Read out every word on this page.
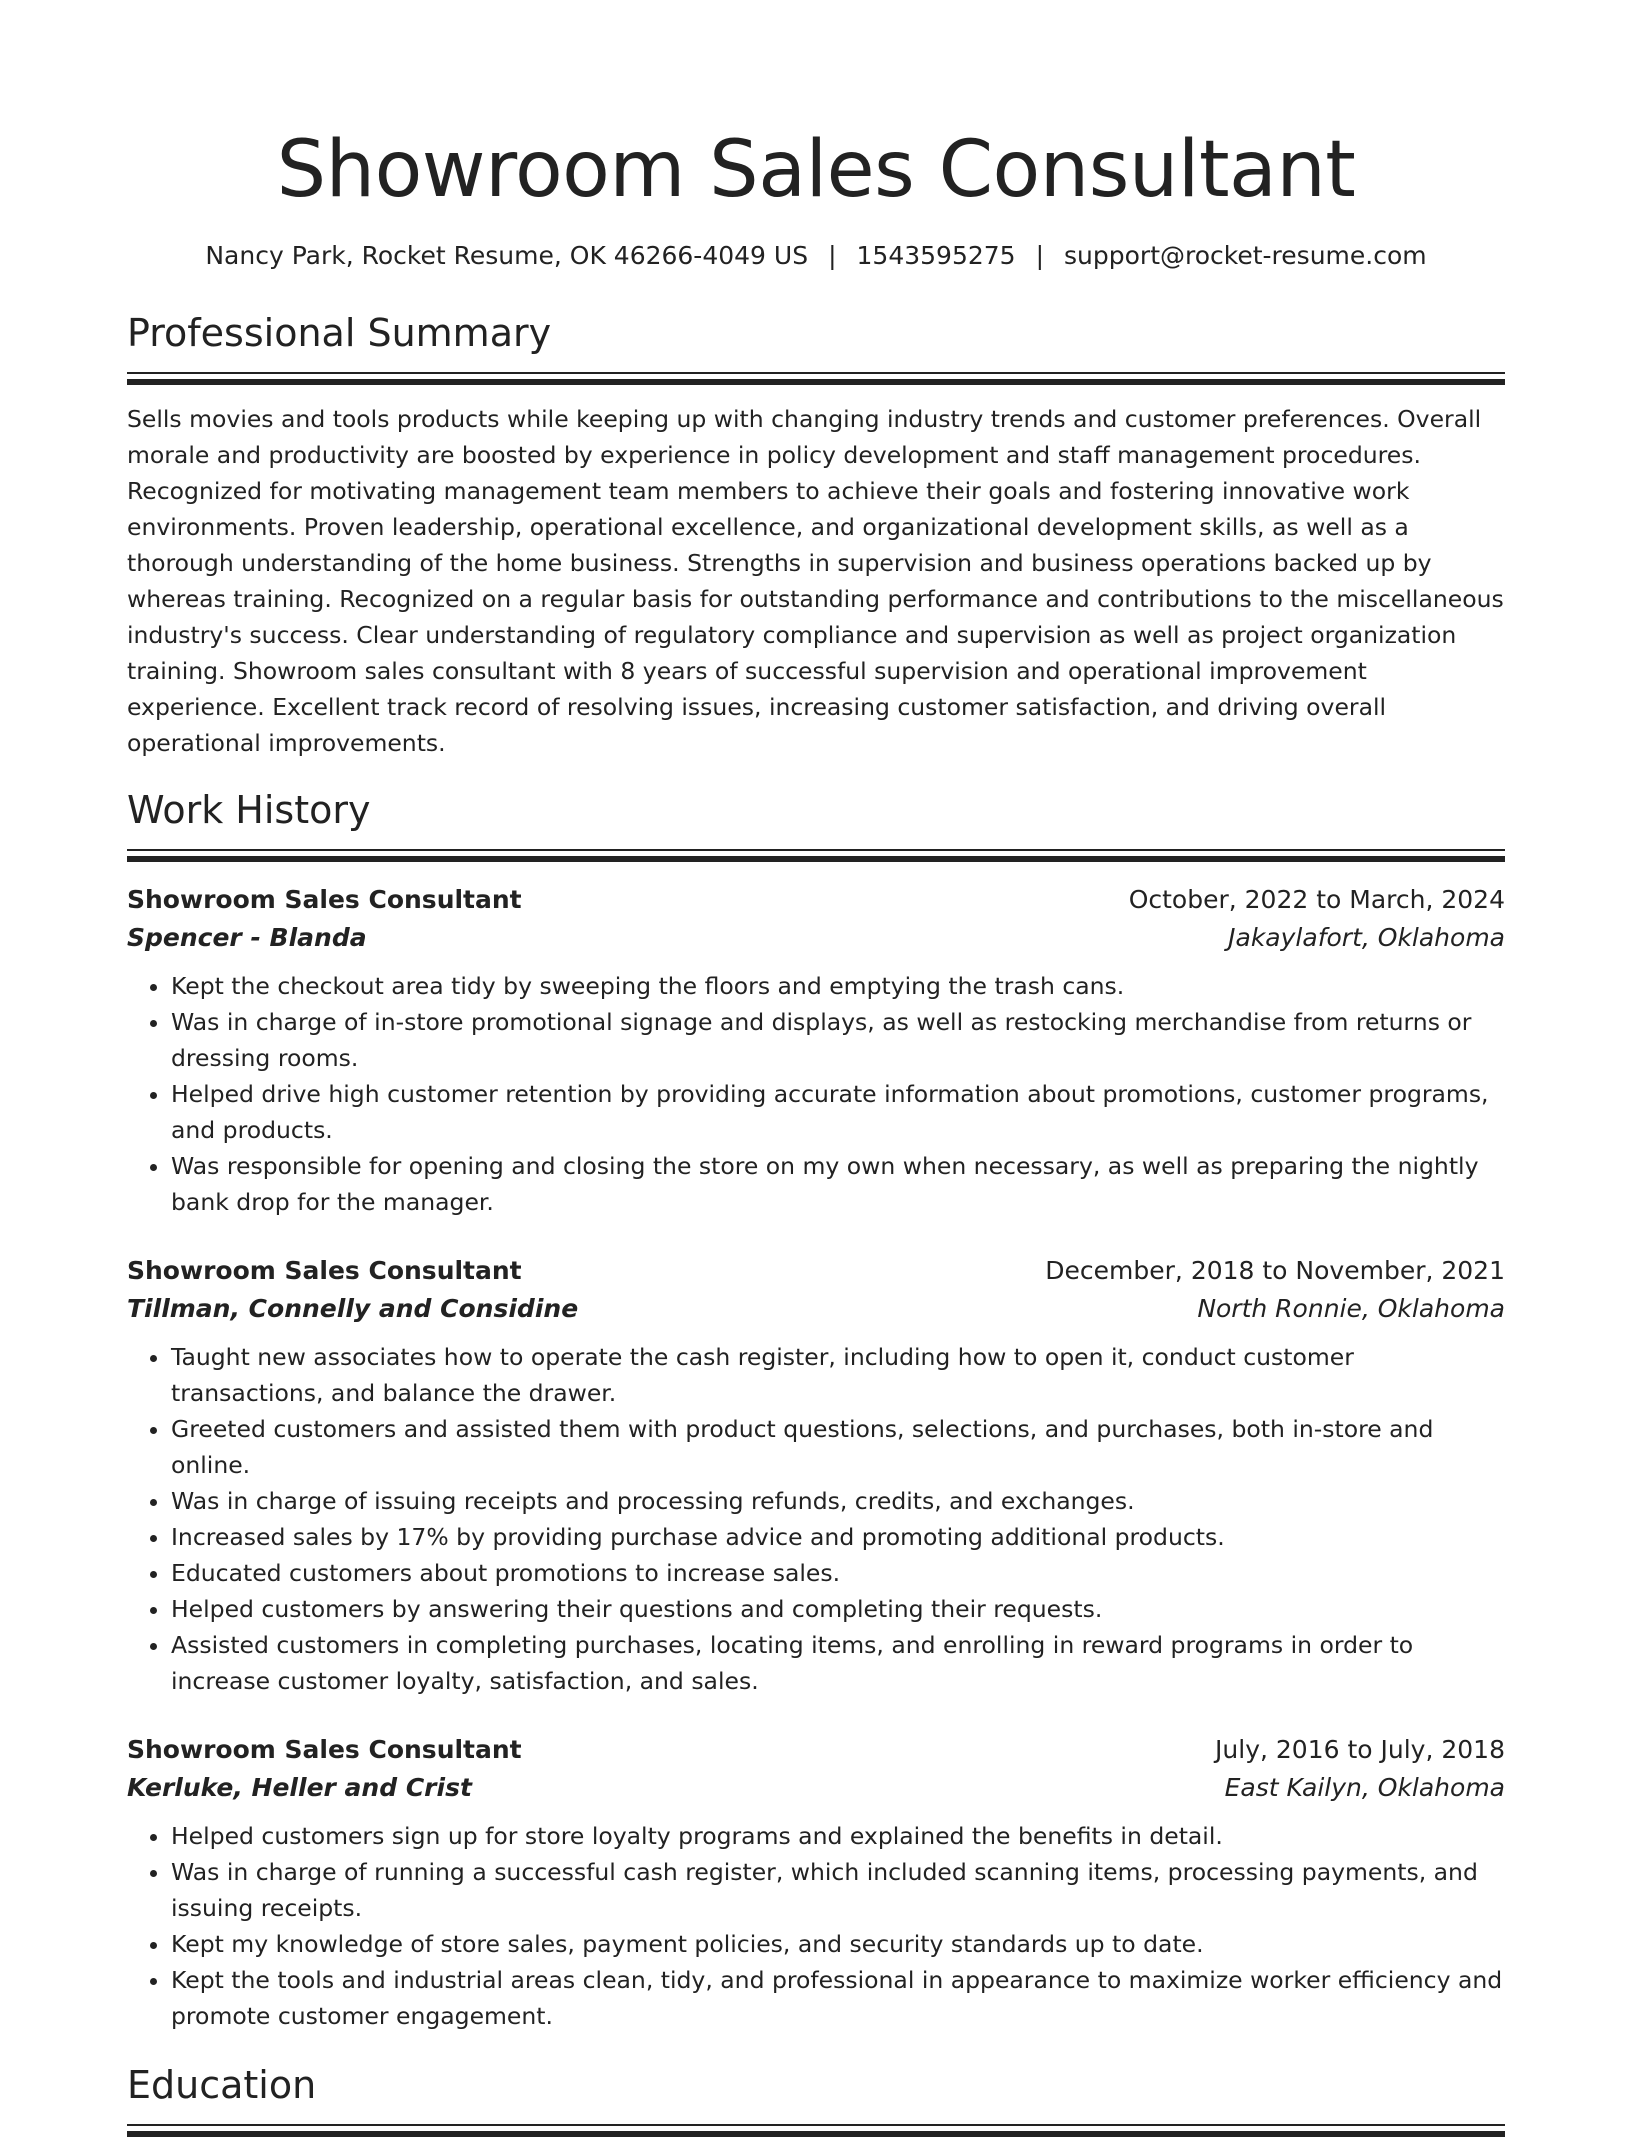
Showroom Sales Consultant
Nancy Park, Rocket Resume, OK 46266-4049 US | 1543595275 | support@rocket-resume.com
Professional Summary

Sells movies and tools products while keeping up with changing industry trends and customer preferences. Overall morale and productivity are boosted by experience in policy development and staff management procedures. Recognized for motivating management team members to achieve their goals and fostering innovative work environments. Proven leadership, operational excellence, and organizational development skills, as well as a thorough understanding of the home business. Strengths in supervision and business operations backed up by whereas training. Recognized on a regular basis for outstanding performance and contributions to the miscellaneous industry's success. Clear understanding of regulatory compliance and supervision as well as project organization training. Showroom sales consultant with 8 years of successful supervision and operational improvement experience. Excellent track record of resolving issues, increasing customer satisfaction, and driving overall operational improvements.

Work History
Showroom Sales Consultant	October, 2022 to March, 2024
Spencer - Blanda	Jakaylafort, Oklahoma
• Kept the checkout area tidy by sweeping the floors and emptying the trash cans.
• Was in charge of in-store promotional signage and displays, as well as restocking merchandise from returns or dressing rooms.
• Helped drive high customer retention by providing accurate information about promotions, customer programs, and products.
• Was responsible for opening and closing the store on my own when necessary, as well as preparing the nightly bank drop for the manager.
Showroom Sales Consultant	December, 2018 to November, 2021
Tillman, Connelly and Considine	North Ronnie, Oklahoma
• Taught new associates how to operate the cash register, including how to open it, conduct customer transactions, and balance the drawer.
• Greeted customers and assisted them with product questions, selections, and purchases, both in-store and online.
• Was in charge of issuing receipts and processing refunds, credits, and exchanges.
• Increased sales by 17% by providing purchase advice and promoting additional products.
• Educated customers about promotions to increase sales.
• Helped customers by answering their questions and completing their requests.
• Assisted customers in completing purchases, locating items, and enrolling in reward programs in order to increase customer loyalty, satisfaction, and sales.
Showroom Sales Consultant	July, 2016 to July, 2018
Kerluke, Heller and Crist	East Kailyn, Oklahoma
• Helped customers sign up for store loyalty programs and explained the benefits in detail.
• Was in charge of running a successful cash register, which included scanning items, processing payments, and issuing receipts.
• Kept my knowledge of store sales, payment policies, and security standards up to date.
• Kept the tools and industrial areas clean, tidy, and professional in appearance to maximize worker efficiency and promote customer engagement.
Education
